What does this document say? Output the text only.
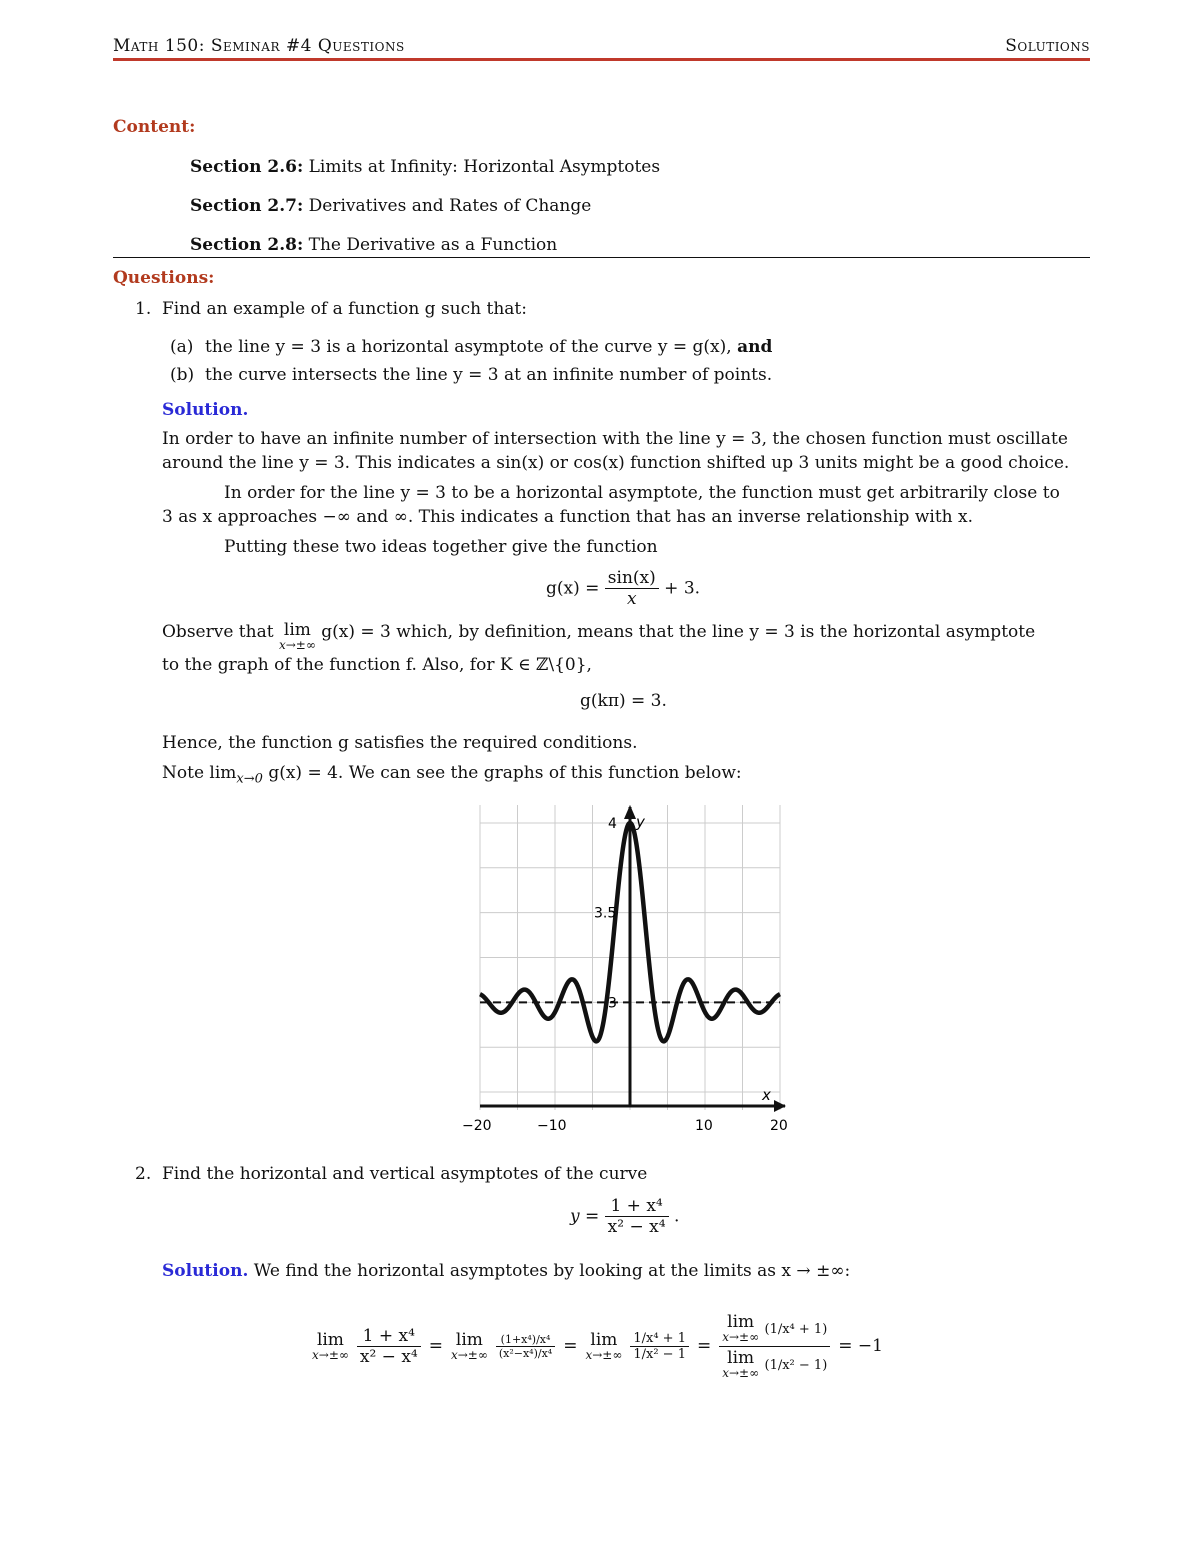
Math 150: Seminar #4 Questions	Solutions
Content:
Section 2.6: Limits at Infinity: Horizontal Asymptotes
Section 2.7: Derivatives and Rates of Change
Section 2.8: The Derivative as a Function
Questions:
1. Find an example of a function g such that:
(a) the line y = 3 is a horizontal asymptote of the curve y = g(x), and
(b) the curve intersects the line y = 3 at an infinite number of points.
Solution.
In order to have an infinite number of intersection with the line y = 3, the chosen function must oscillate
around the line y = 3. This indicates a sin(x) or cos(x) function shifted up 3 units might be a good choice.
In order for the line y = 3 to be a horizontal asymptote, the function must get arbitrarily close to
3 as x approaches −∞ and ∞. This indicates a function that has an inverse relationship with x.
Putting these two ideas together give the function
$g(x) = \frac{\sin(x)}{x} + 3$.
Observe that lim
x→±∞
g(x) = 3 which, by definition, means that the line y = 3 is the horizontal asymptote
to the graph of the function f. Also, for K ∈ ℤ\{0},
g(kπ) = 3.
Hence, the function g satisfies the required conditions.
Note $\lim_{x\to 0} g(x) = 4$. We can see the graphs of this function below:
y
x
4
3.5
3
−20	−10	10	20
2. Find the horizontal and vertical asymptotes of the curve
$y = \frac{\text{1 + x⁴}}{\text{x² − x⁴}}$ .
Solution. We find the horizontal asymptotes by looking at the limits as x → ±∞:
lim
$x\to\pm\infty \frac{\text{1 + x⁴}}{\text{x² − x⁴}} = \lim$
$x\to\pm\infty \frac{\text{(1+x⁴)/x⁴}}{\text{(x²−x⁴)/x⁴}} = \lim$
$x\to\pm\infty \frac{\text{1/x⁴ + 1}}{\text{1/x² − 1}} = \lim$
x→±∞ (1/x⁴ + 1)
lim
x→±∞ (1/x² − 1) = −1
